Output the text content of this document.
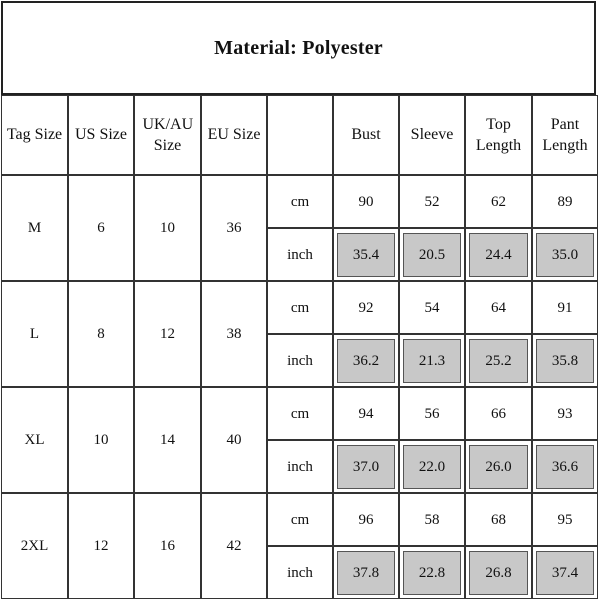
Material: Polyester
Tag Size	US Size	UK/AU Size	EU Size		Bust	Sleeve	Top Length	Pant Length
M	6	10	36	cm	90	52	62	89
				inch	35.4	20.5	24.4	35.0

L	8	12	38	cm	92	54	64	91
				inch	36.2	21.3	25.2	35.8

XL	10	14	40	cm	94	56	66	93
				inch	37.0	22.0	26.0	36.6

2XL	12	16	42	cm	96	58	68	95
				inch	37.8	22.8	26.8	37.4
